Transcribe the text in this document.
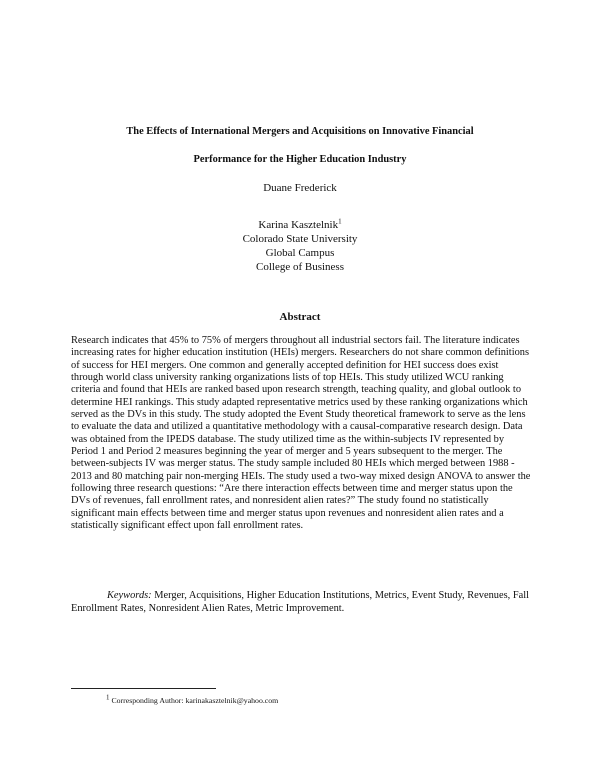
The Effects of International Mergers and Acquisitions on Innovative Financial
Performance for the Higher Education Industry
Duane Frederick
Karina Kasztelnik$^1$
Colorado State University
Global Campus
College of Business
Abstract
Research indicates that 45% to 75% of mergers throughout all industrial sectors fail. The literature indicates increasing rates for higher education institution (HEIs) mergers. Researchers do not share common definitions of success for HEI mergers. One common and generally accepted definition for HEI success does exist through world class university ranking organizations lists of top HEIs. This study utilized WCU ranking criteria and found that HEIs are ranked based upon research strength, teaching quality, and global outlook to determine HEI rankings. This study adapted representative metrics used by these ranking organizations which served as the DVs in this study. The study adopted the Event Study theoretical framework to serve as the lens to evaluate the data and utilized a quantitative methodology with a causal-comparative research design. Data was obtained from the IPEDS database. The study utilized time as the within-subjects IV represented by Period 1 and Period 2 measures beginning the year of merger and 5 years subsequent to the merger. The between-subjects IV was merger status. The study sample included 80 HEIs which merged between 1988 - 2013 and 80 matching pair non-merging HEIs. The study used a two-way mixed design ANOVA to answer the following three research questions: “Are there interaction effects between time and merger status upon the DVs of revenues, fall enrollment rates, and nonresident alien rates?” The study found no statistically significant main effects between time and merger status upon revenues and nonresident alien rates and a statistically significant effect upon fall enrollment rates.
Keywords: Merger, Acquisitions, Higher Education Institutions, Metrics, Event Study, Revenues, Fall Enrollment Rates, Nonresident Alien Rates, Metric Improvement.
$^1$ Corresponding Author: karinakasztelnik@yahoo.com
